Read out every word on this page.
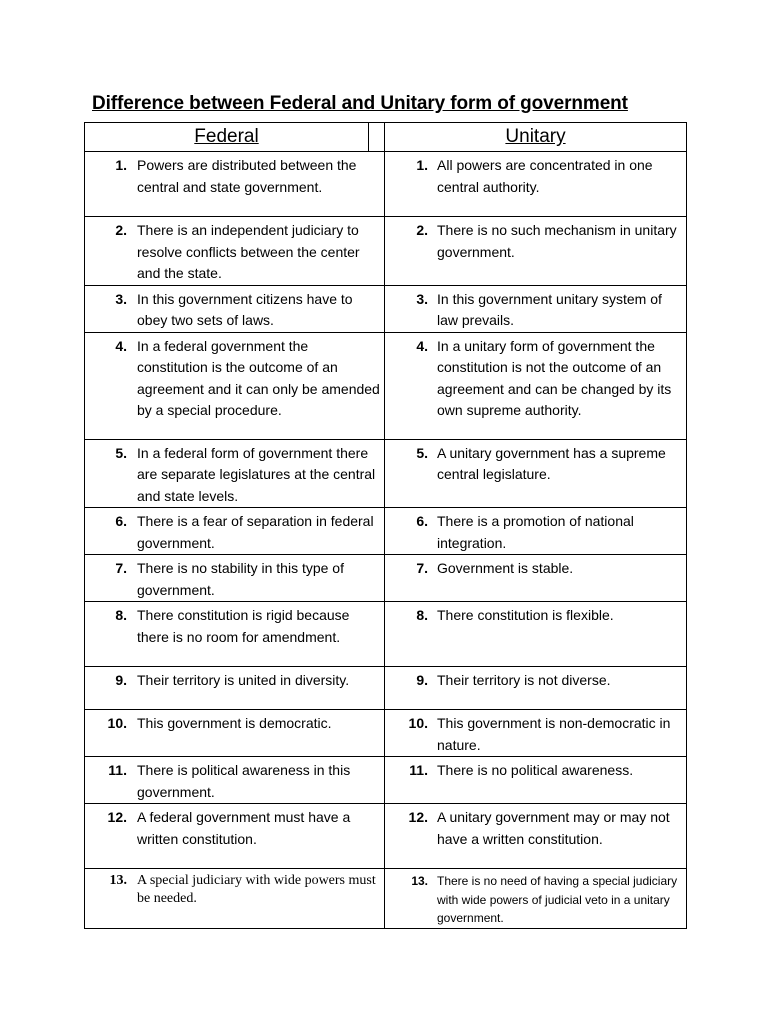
Difference between Federal and Unitary form of government
Federal		Unitary

1. Powers are distributed between the central and state government.		1. All powers are concentrated in one central authority.

2. There is an independent judiciary to resolve conflicts between the center and the state.		2. There is no such mechanism in unitary government.

3. In this government citizens have to obey two sets of laws.		3. In this government unitary system of law prevails.

4. In a federal government the constitution is the outcome of an agreement and it can only be amended by a special procedure.		4. In a unitary form of government the constitution is not the outcome of an agreement and can be changed by its own supreme authority.

5. In a federal form of government there are separate legislatures at the central and state levels.		5. A unitary government has a supreme central legislature.

6. There is a fear of separation in federal government.		6. There is a promotion of national integration.

7. There is no stability in this type of government.		7. Government is stable.

8. There constitution is rigid because there is no room for amendment.		8. There constitution is flexible.

9. Their territory is united in diversity.		9. Their territory is not diverse.

10. This government is democratic.		10. This government is non-democratic in nature.

11. There is political awareness in this government.		11. There is no political awareness.

12. A federal government must have a written constitution.		12. A unitary government may or may not have a written constitution.

13. A special judiciary with wide powers must be needed.		13. There is no need of having a special judiciary with wide powers of judicial veto in a unitary government.
